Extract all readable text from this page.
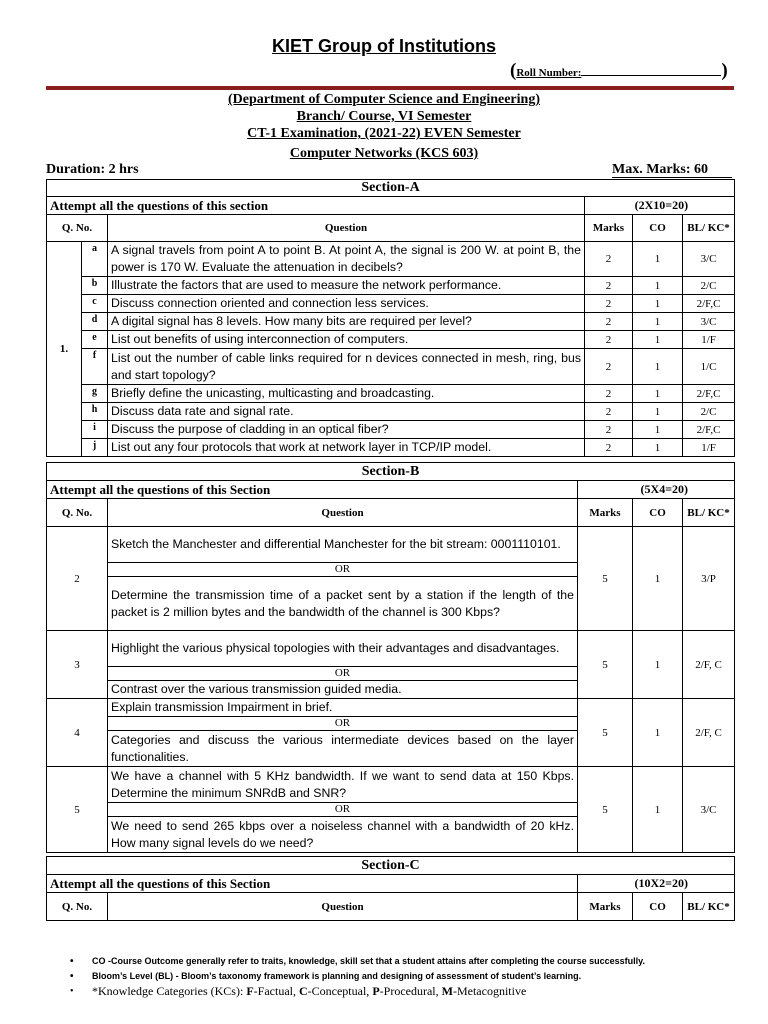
KIET Group of Institutions
(Roll Number:	)
(Department of Computer Science and Engineering)
Branch/ Course, VI Semester
CT-1 Examination, (2021-22) EVEN Semester
Computer Networks (KCS 603)
Duration: 2 hrs	Max. Marks: 60
Section-A					
Attempt all the questions of this section			(2X10=20)		
Q. No.		Question	Marks	CO	BL/ KC*
1.	a	A signal travels from point A to point B. At point A, the signal is 200 W. at point B, the power is 170 W. Evaluate the attenuation in decibels?	2	1	3/C
	b	Illustrate the factors that are used to measure the network performance.	2	1	2/C
	c	Discuss connection oriented and connection less services.	2	1	2/F,C
	d	A digital signal has 8 levels. How many bits are required per level?	2	1	3/C
	e	List out benefits of using interconnection of computers.	2	1	1/F
	f	List out the number of cable links required for n devices connected in mesh, ring, bus and start topology?	2	1	1/C
	g	Briefly define the unicasting, multicasting and broadcasting.	2	1	2/F,C
	h	Discuss data rate and signal rate.	2	1	2/C
	i	Discuss the purpose of cladding in an optical fiber?	2	1	2/F,C
	j	List out any four protocols that work at network layer in TCP/IP model.	2	1	1/F
Section-B				
Attempt all the questions of this Section		(5X4=20)		
Q. No.	Question	Marks	CO	BL/ KC*
2	Sketch the Manchester and differential Manchester for the bit stream: 0001110101.	5	1	3/P
	OR			
	Determine the transmission time of a packet sent by a station if the length of the packet is 2 million bytes and the bandwidth of the channel is 300 Kbps?			
3	Highlight the various physical topologies with their advantages and disadvantages.	5	1	2/F, C
	OR			
	Contrast over the various transmission guided media.			
4	Explain transmission Impairment in brief.	5	1	2/F, C
	OR			
	Categories and discuss the various intermediate devices based on the layer functionalities.			
5	We have a channel with 5 KHz bandwidth. If we want to send data at 150 Kbps. Determine the minimum SNRdB and SNR?	5	1	3/C
	OR			
	We need to send 265 kbps over a noiseless channel with a bandwidth of 20 kHz. How many signal levels do we need?			
Section-C				
Attempt all the questions of this Section		(10X2=20)		
Q. No.	Question	Marks	CO	BL/ KC*
• CO -Course Outcome generally refer to traits, knowledge, skill set that a student attains after completing the course successfully.
• Bloom’s Level (BL) - Bloom’s taxonomy framework is planning and designing of assessment of student’s learning.
• *Knowledge Categories (KCs): F-Factual, C-Conceptual, P-Procedural, M-Metacognitive
